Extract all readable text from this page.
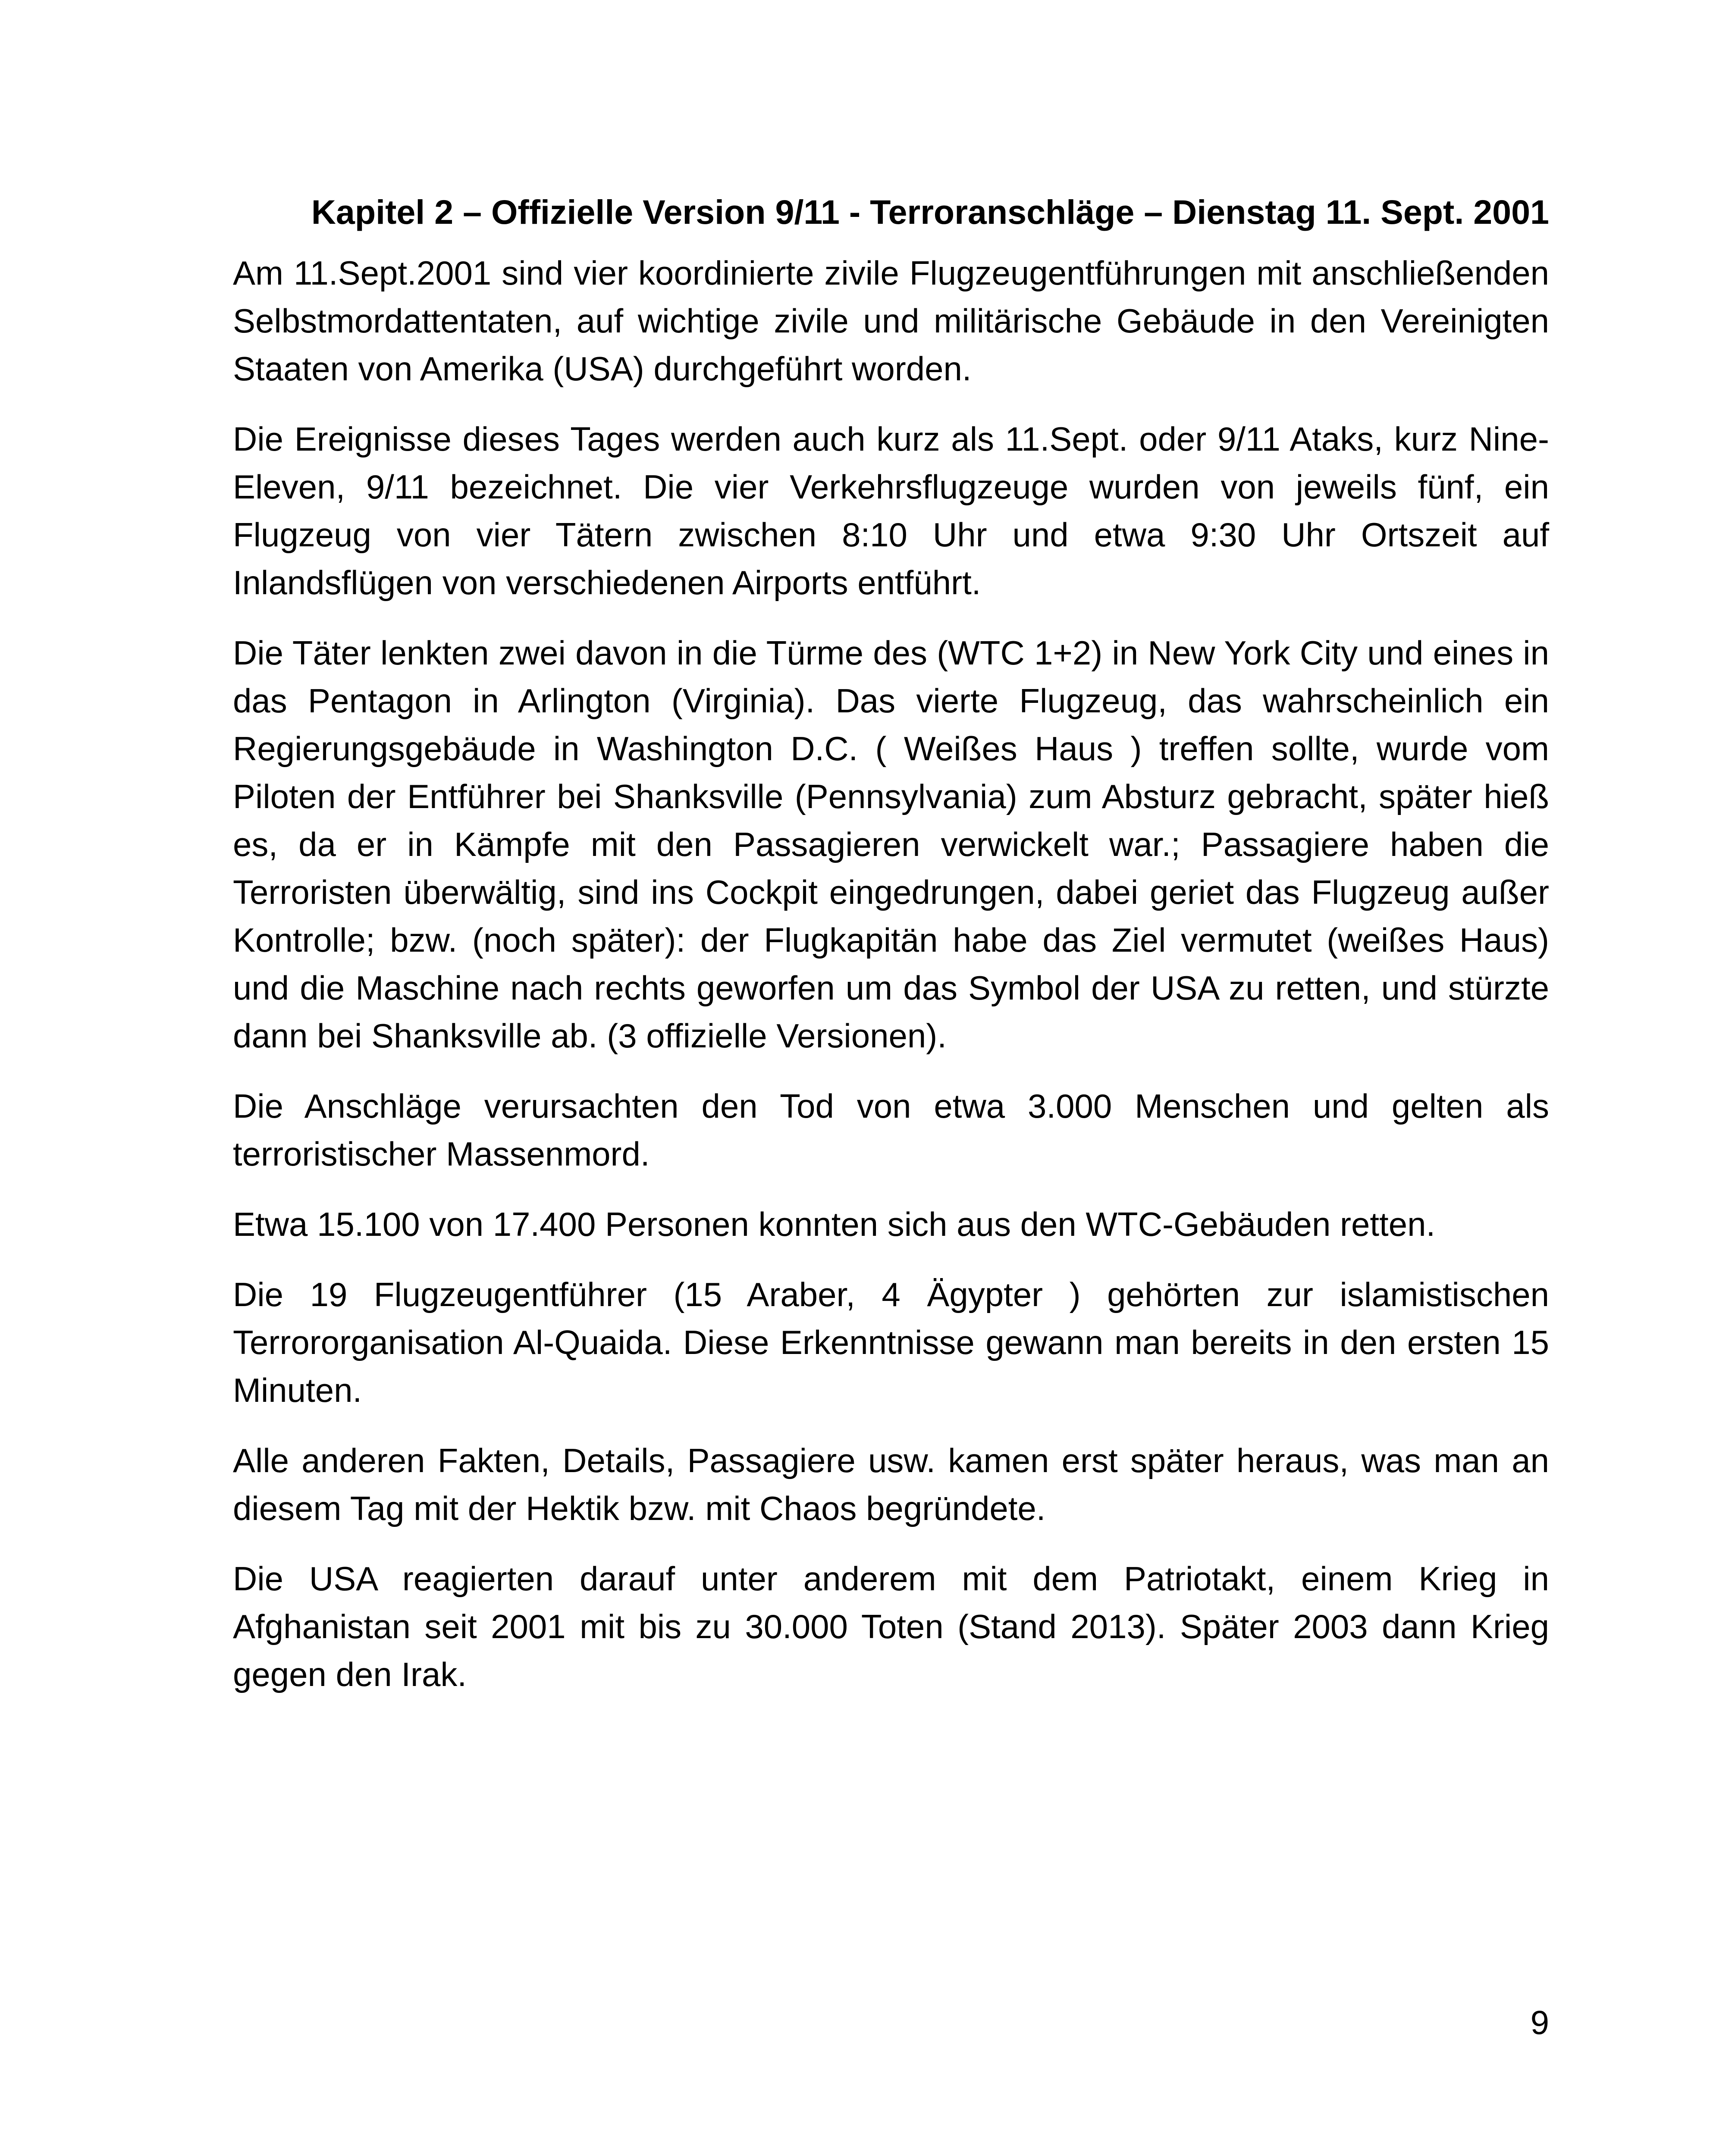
Kapitel 2 – Offizielle Version 9/11 - Terroranschläge – Dienstag 11. Sept. 2001

Am 11.Sept.2001 sind vier koordinierte zivile Flugzeugentführungen mit anschließenden Selbstmordattentaten, auf wichtige zivile und militärische Gebäude in den Vereinigten Staaten von Amerika (USA) durchgeführt worden.

Die Ereignisse dieses Tages werden auch kurz als 11.Sept. oder 9/11 Ataks, kurz Nine-Eleven, 9/11 bezeichnet. Die vier Verkehrsflugzeuge wurden von jeweils fünf, ein Flugzeug von vier Tätern zwischen 8:10 Uhr und etwa 9:30 Uhr Ortszeit auf Inlandsflügen von verschiedenen Airports entführt.

Die Täter lenkten zwei davon in die Türme des (WTC 1+2) in New York City und eines in das Pentagon in Arlington (Virginia). Das vierte Flugzeug, das wahrscheinlich ein Regierungsgebäude in Washington D.C. ( Weißes Haus ) treffen sollte, wurde vom Piloten der Entführer bei Shanksville (Pennsylvania) zum Absturz gebracht, später hieß es, da er in Kämpfe mit den Passagieren verwickelt war.; Passagiere haben die Terroristen überwältig, sind ins Cockpit eingedrungen, dabei geriet das Flugzeug außer Kontrolle; bzw. (noch später): der Flugkapitän habe das Ziel vermutet (weißes Haus) und die Maschine nach rechts geworfen um das Symbol der USA zu retten, und stürzte dann bei Shanksville ab. (3 offizielle Versionen).

Die Anschläge verursachten den Tod von etwa 3.000 Menschen und gelten als terroristischer Massenmord.

Etwa 15.100 von 17.400 Personen konnten sich aus den WTC-Gebäuden retten.

Die 19 Flugzeugentführer (15 Araber, 4 Ägypter ) gehörten zur islamistischen Terrororganisation Al-Quaida. Diese Erkenntnisse gewann man bereits in den ersten 15 Minuten.

Alle anderen Fakten, Details, Passagiere usw. kamen erst später heraus, was man an diesem Tag mit der Hektik bzw. mit Chaos begründete.

Die USA reagierten darauf unter anderem mit dem Patriotakt, einem Krieg in Afghanistan seit 2001 mit bis zu 30.000 Toten (Stand 2013). Später 2003 dann Krieg gegen den Irak.

9
